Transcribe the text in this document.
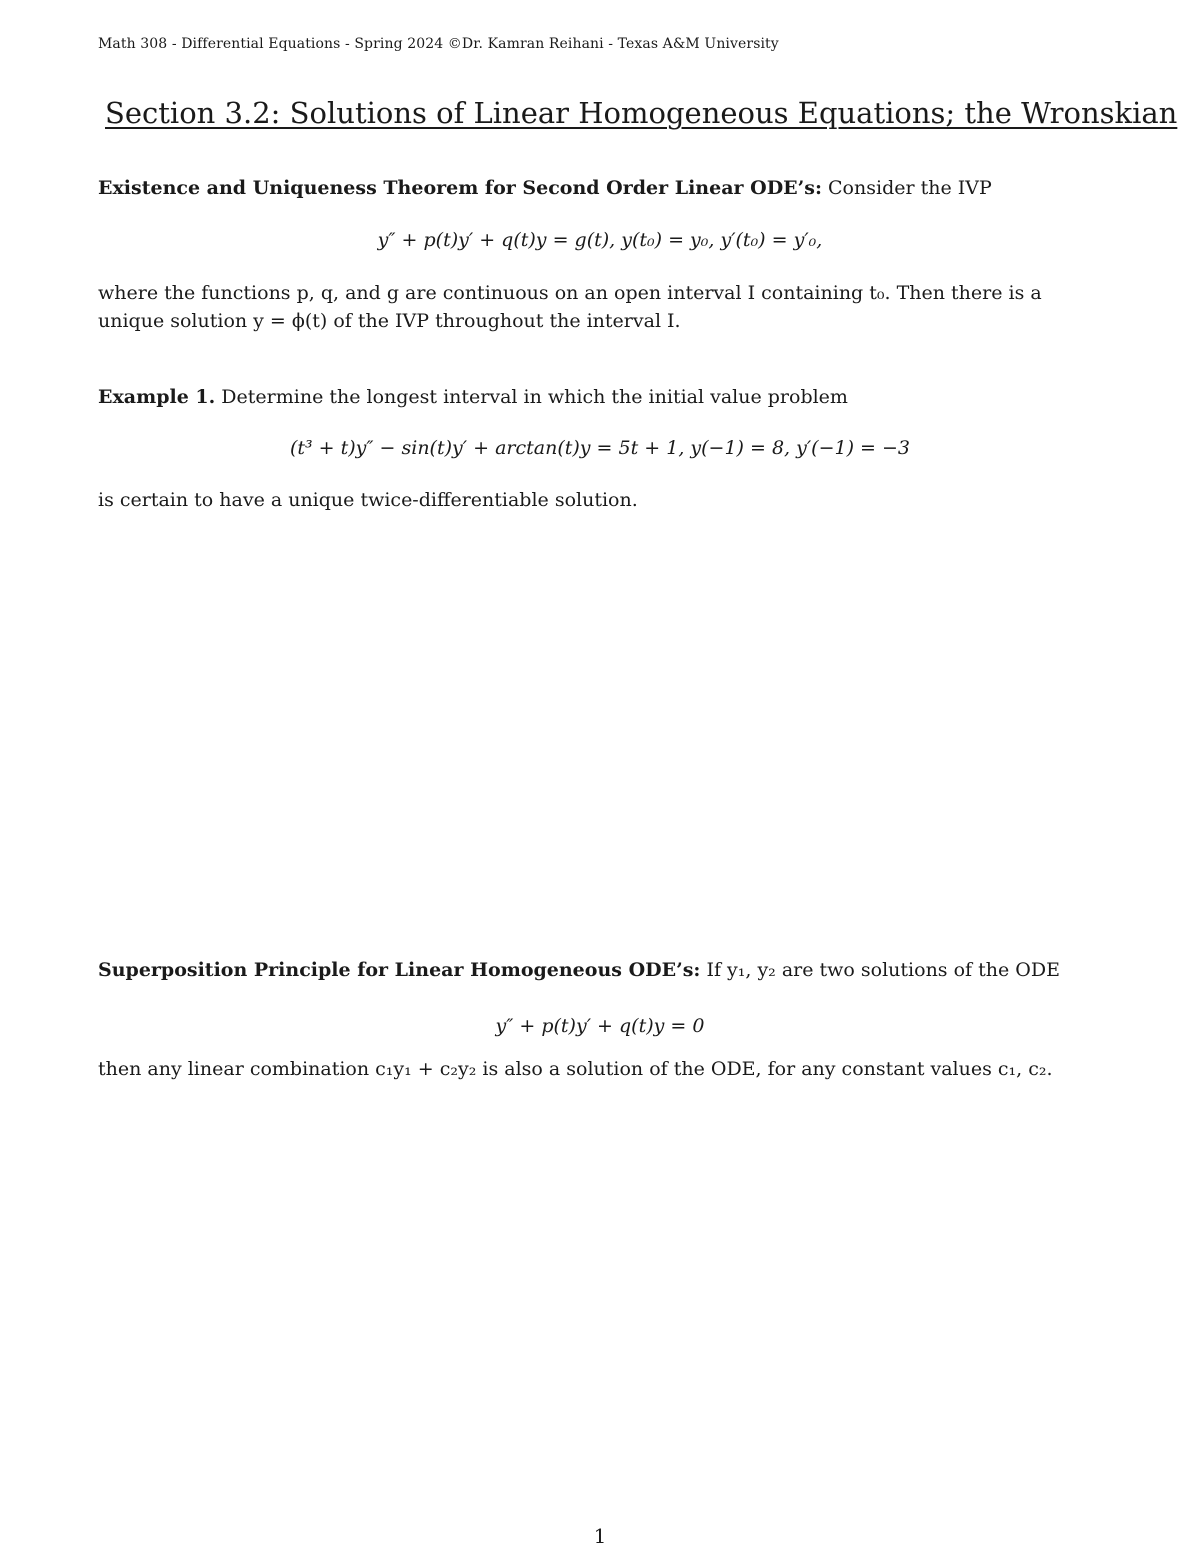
Math 308 - Differential Equations - Spring 2024 ©Dr. Kamran Reihani - Texas A&M University
Section 3.2: Solutions of Linear Homogeneous Equations; the Wronskian
Existence and Uniqueness Theorem for Second Order Linear ODE’s: Consider the IVP
y″ + p(t)y′ + q(t)y = g(t), y(t₀) = y₀, y′(t₀) = y′₀,
where the functions p, q, and g are continuous on an open interval I containing t₀. Then there is a unique solution y = ϕ(t) of the IVP throughout the interval I.
Example 1. Determine the longest interval in which the initial value problem
(t³ + t)y″ − sin(t)y′ + arctan(t)y = 5t + 1, y(−1) = 8, y′(−1) = −3
is certain to have a unique twice-differentiable solution.
Superposition Principle for Linear Homogeneous ODE’s: If y₁, y₂ are two solutions of the ODE
y″ + p(t)y′ + q(t)y = 0
then any linear combination c₁y₁ + c₂y₂ is also a solution of the ODE, for any constant values c₁, c₂.
1
